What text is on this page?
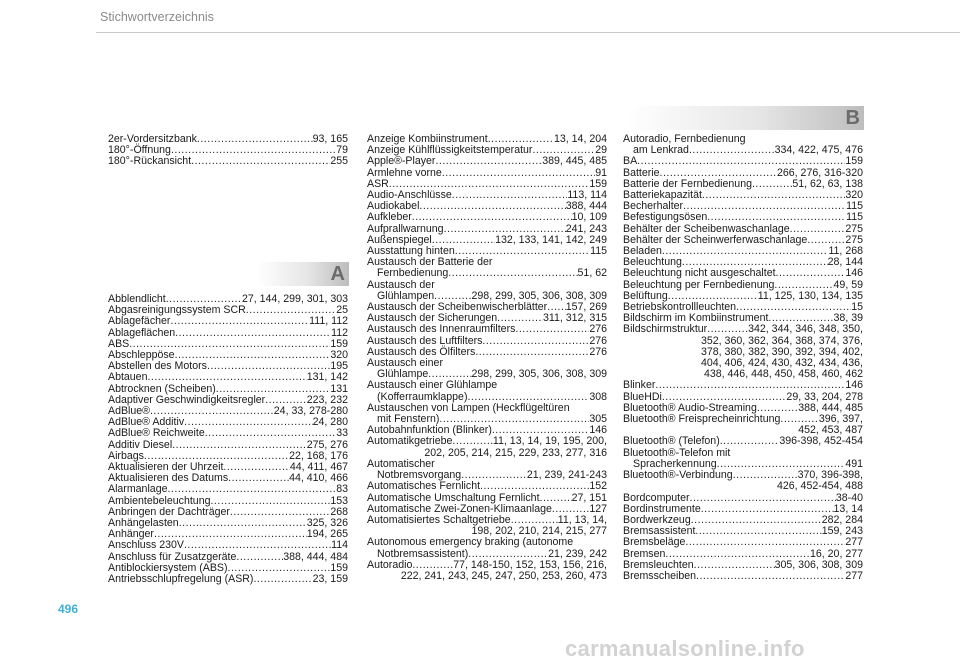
Stichwortverzeichnis
2er-Vordersitzbank .....	93, 165
180°-Öffnung .....	79
180°-Rückansicht .....	255
A
Abblendlicht .....	27, 144, 299, 301, 303
Abgasreinigungssystem SCR .....	25
Ablagefächer .....	111, 112
Ablageflächen .....	112
ABS .....	159
Abschleppöse .....	320
Abstellen des Motors .....	195
Abtauen .....	131, 142
Abtrocknen (Scheiben) .....	131
Adaptiver Geschwindigkeitsregler .....	223, 232
AdBlue® .....	24, 33, 278-280
AdBlue® Additiv .....	24, 280
AdBlue® Reichweite .....	33
Additiv Diesel .....	275, 276
Airbags .....	22, 168, 176
Aktualisieren der Uhrzeit .....	44, 411, 467
Aktualisieren des Datums .....	44, 410, 466
Alarmanlage .....	83
Ambientebeleuchtung .....	153
Anbringen der Dachträger .....	268
Anhängelasten .....	325, 326
Anhänger .....	194, 265
Anschluss 230V .....	114
Anschluss für Zusatzgeräte .....	388, 444, 484
Antiblockiersystem (ABS) .....	159
Antriebsschlupfregelung (ASR) .....	23, 159
Anzeige Kombiinstrument .....	13, 14, 204
Anzeige Kühlflüssigkeitstemperatur .....	29
Apple®-Player .....	389, 445, 485
Armlehne vorne .....	91
ASR .....	159
Audio-Anschlüsse .....	113, 114
Audiokabel .....	388, 444
Aufkleber .....	10, 109
Aufprallwarnung .....	241, 243
Außenspiegel .....	132, 133, 141, 142, 249
Ausstattung hinten .....	115
Austausch der Batterie der
Fernbedienung .....	51, 62
Austausch der
Glühlampen .....	298, 299, 305, 306, 308, 309
Austausch der Scheibenwischerblätter ..... 157, 269
Austausch der Sicherungen .....	311, 312, 315
Austausch des Innenraumfilters .....	276
Austausch des Luftfilters .....	276
Austausch des Ölfilters .....	276
Austausch einer
Glühlampe .....	298, 299, 305, 306, 308, 309
Austausch einer Glühlampe
(Kofferraumklappe) .....	308
Austauschen von Lampen (Heckflügeltüren
mit Fenstern) .....	305
Autobahnfunktion (Blinker) .....	146
Automatikgetriebe .....	11, 13, 14, 19, 195, 200,
202, 205, 214, 215, 229, 233, 277, 316
Automatischer
Notbremsvorgang .....	21, 239, 241-243
Automatisches Fernlicht .....	152
Automatische Umschaltung Fernlicht .....	27, 151
Automatische Zwei-Zonen-Klimaanlage .....	127
Automatisiertes Schaltgetriebe .....	11, 13, 14,
198, 202, 210, 214, 215, 277
Autonomous emergency braking (autonome
Notbremsassistent) .....	21, 239, 242
Autoradio .....	77, 148-150, 152, 153, 156, 216,
222, 241, 243, 245, 247, 250, 253, 260, 473
B
Autoradio, Fernbedienung
am Lenkrad .....	334, 422, 475, 476
BA .....	159
Batterie .....	266, 276, 316-320
Batterie der Fernbedienung .....	51, 62, 63, 138
Batteriekapazität .....	320
Becherhalter .....	115
Befestigungsösen .....	115
Behälter der Scheibenwaschanlage .....	275
Behälter der Scheinwerferwaschanlage .....	275
Beladen .....	11, 268
Beleuchtung .....	28, 144
Beleuchtung nicht ausgeschaltet .....	146
Beleuchtung per Fernbedienung .....	49, 59
Belüftung .....	11, 125, 130, 134, 135
Betriebskontrollleuchten .....	15
Bildschirm im Kombiinstrument .....	38, 39
Bildschirmstruktur .....	342, 344, 346, 348, 350,
352, 360, 362, 364, 368, 374, 376,
378, 380, 382, 390, 392, 394, 402,
404, 406, 424, 430, 432, 434, 436,
438, 446, 448, 450, 458, 460, 462
Blinker .....	146
BlueHDi .....	29, 33, 204, 278
Bluetooth® Audio-Streaming .....	388, 444, 485
Bluetooth® Freisprecheinrichtung .....	396, 397,
452, 453, 487
Bluetooth® (Telefon) .....	396-398, 452-454
Bluetooth®-Telefon mit
Spracherkennung .....	491
Bluetooth®-Verbindung .....	370, 396-398,
426, 452-454, 488
Bordcomputer .....	38-40
Bordinstrumente .....	13, 14
Bordwerkzeug .....	282, 284
Bremsassistent .....	159, 243
Bremsbeläge .....	277
Bremsen .....	16, 20, 277
Bremsleuchten .....	305, 306, 308, 309
Bremsscheiben .....	277
496
carmanualsonline.info
